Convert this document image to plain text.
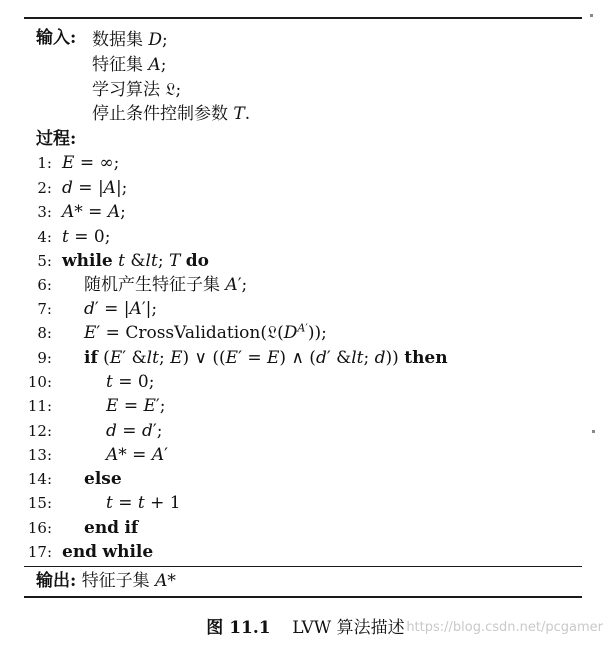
输入: 数据集 D;
特征集 A;
学习算法 𝔏;
停止条件控制参数 T.
过程:
1:
2:
3:
4:
5:
6:
7:
8:
9:
10:
11:
12:
13:
14:
15:
16:
17:
E = ∞;
d = |A|;
A* = A;
t = 0;
while t &lt; T do
随机产生特征子集 A′;
d′ = |A′|;
$E' = CrossValidation(𝔏(D^{A'}))$;
if (E′ &lt; E) ∨ ((E′ = E) ∧ (d′ &lt; d)) then
t = 0;
E = E′;
d = d′;
A* = A′
else
t = t + 1
end if
end while
输出: 特征子集 A*
图 11.1 LVW 算法描述 https://blog.csdn.net/pcgamer
